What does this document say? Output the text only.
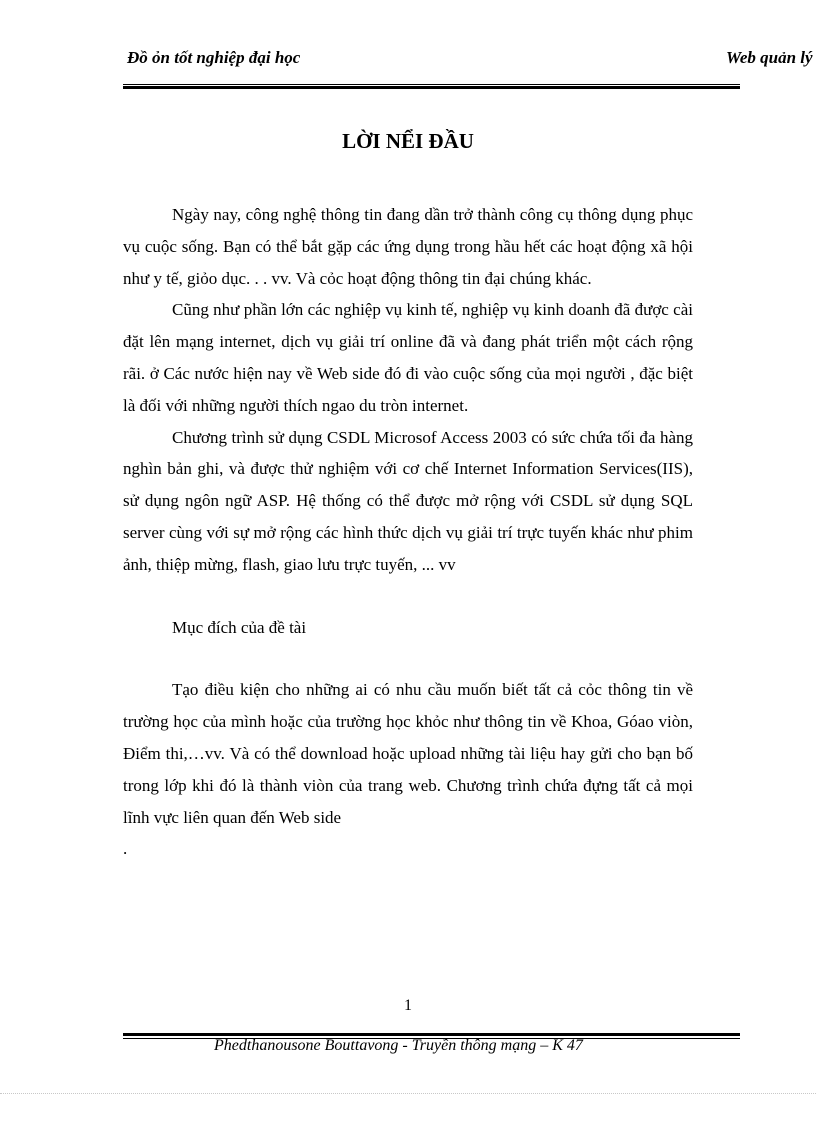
Đồ ỏn tốt nghiệp đại học	Web quản lý
LỜI NỂI ĐẦU

Ngày nay, công nghệ thông tin đang dần trở thành công cụ thông dụng phục vụ cuộc sống. Bạn có thể bắt gặp các ứng dụng trong hầu hết các hoạt động xã hội như y tế, giỏo dục. . . vv. Và cỏc hoạt động thông tin đại chúng khác.

Cũng như phần lớn các nghiệp vụ kinh tế, nghiệp vụ kinh doanh đã được cài đặt lên mạng internet, dịch vụ giải trí online đã và đang phát triển một cách rộng rãi. ở Các nước hiện nay về Web side đó đi vào cuộc sống của mọi người , đặc biệt là đối với những người thích ngao du tròn internet.

Chương trình sử dụng CSDL Microsof Access 2003 có sức chứa tối đa hàng nghìn bản ghi, và được thử nghiệm với cơ chế Internet Information Services(IIS), sử dụng ngôn ngữ ASP. Hệ thống có thể được mở rộng với CSDL sử dụng SQL server cùng với sự mở rộng các hình thức dịch vụ giải trí trực tuyến khác như phim ảnh, thiệp mừng, flash, giao lưu trực tuyến, ... vv

Mục đích của đề tài

Tạo điều kiện cho những ai có nhu cầu muốn biết tất cả cỏc thông tin về trường học của mình hoặc của trường học khỏc như thông tin về Khoa, Góao viòn, Điểm thi,…vv. Và có thể download hoặc upload những tài liệu hay gửi cho bạn bố trong lớp khi đó là thành viòn của trang web. Chương trình chứa đựng tất cả mọi lĩnh vực liên quan đến Web side

.

1
Phedthanousone Bouttavong - Truyền thông mạng – K 47
